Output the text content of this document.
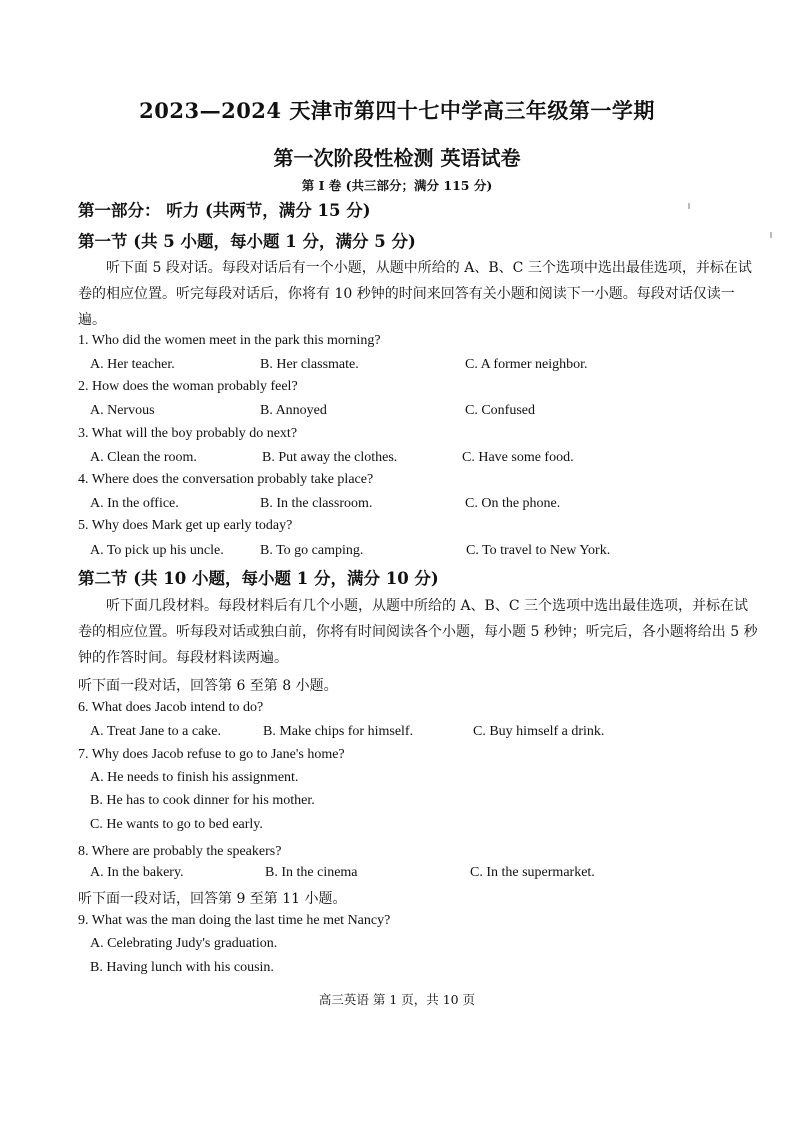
2023—2024 天津市第四十七中学高三年级第一学期
第一次阶段性检测 英语试卷
第 I 卷 (共三部分；满分 115 分)
第一部分： 听力 (共两节，满分 15 分)
第一节 (共 5 小题，每小题 1 分，满分 5 分)
听下面 5 段对话。每段对话后有一个小题，从题中所给的 A、B、C 三个选项中选出最佳选项，并标在试卷的相应位置。听完每段对话后，你将有 10 秒钟的时间来回答有关小题和阅读下一小题。每段对话仅读一遍。
1. Who did the women meet in the park this morning?
A. Her teacher.	B. Her classmate.	C. A former neighbor.
2. How does the woman probably feel?
A. Nervous	B. Annoyed	C. Confused
3. What will the boy probably do next?
A. Clean the room.	B. Put away the clothes.	C. Have some food.
4. Where does the conversation probably take place?
A. In the office.	B. In the classroom.	C. On the phone.
5. Why does Mark get up early today?
A. To pick up his uncle.	B. To go camping.	C. To travel to New York.
第二节 (共 10 小题，每小题 1 分，满分 10 分)
听下面几段材料。每段材料后有几个小题，从题中所给的 A、B、C 三个选项中选出最佳选项，并标在试卷的相应位置。听每段对话或独白前，你将有时间阅读各个小题，每小题 5 秒钟；听完后，各小题将给出 5 秒钟的作答时间。每段材料读两遍。
听下面一段对话，回答第 6 至第 8 小题。
6. What does Jacob intend to do?
A. Treat Jane to a cake.	B. Make chips for himself.	C. Buy himself a drink.
7. Why does Jacob refuse to go to Jane's home?
A. He needs to finish his assignment.
B. He has to cook dinner for his mother.
C. He wants to go to bed early.
8. Where are probably the speakers?
A. In the bakery.	B. In the cinema	C. In the supermarket.
听下面一段对话，回答第 9 至第 11 小题。
9. What was the man doing the last time he met Nancy?
A. Celebrating Judy's graduation.
B. Having lunch with his cousin.
高三英语 第 1 页，共 10 页
